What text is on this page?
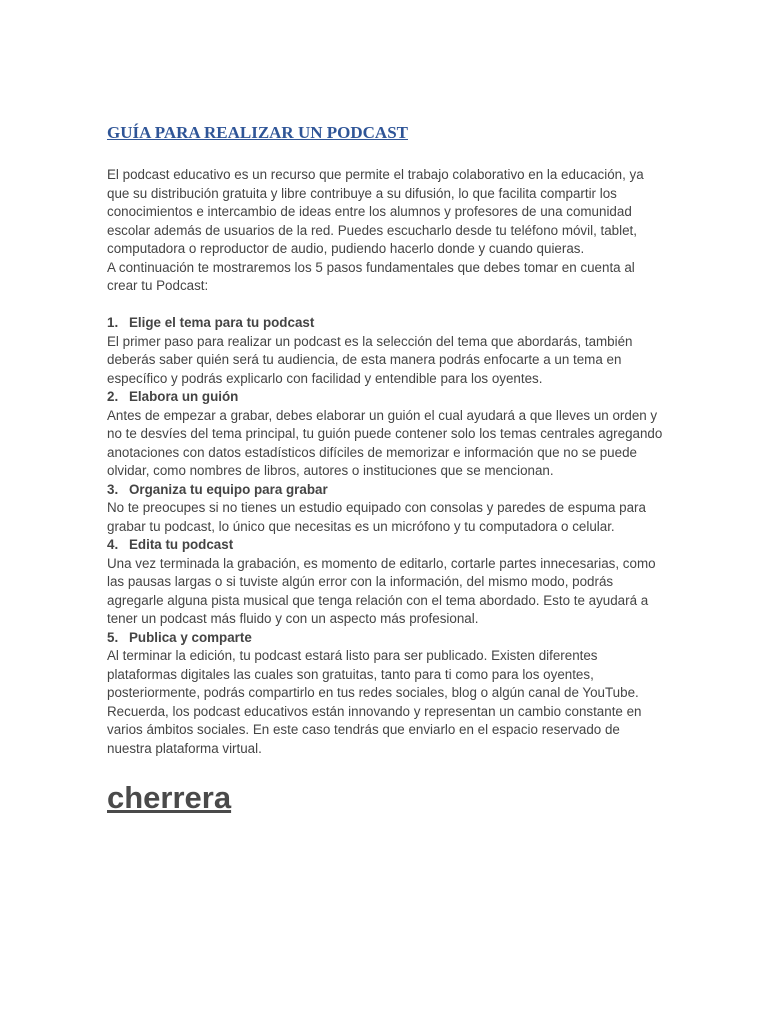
GUÍA PARA REALIZAR UN PODCAST

El podcast educativo es un recurso que permite el trabajo colaborativo en la educación, ya que su distribución gratuita y libre contribuye a su difusión, lo que facilita compartir los conocimientos e intercambio de ideas entre los alumnos y profesores de una comunidad escolar además de usuarios de la red. Puedes escucharlo desde tu teléfono móvil, tablet, computadora o reproductor de audio, pudiendo hacerlo donde y cuando quieras.

A continuación te mostraremos los 5 pasos fundamentales que debes tomar en cuenta al crear tu Podcast:

1. Elige el tema para tu podcast

El primer paso para realizar un podcast es la selección del tema que abordarás, también deberás saber quién será tu audiencia, de esta manera podrás enfocarte a un tema en específico y podrás explicarlo con facilidad y entendible para los oyentes.

2. Elabora un guión

Antes de empezar a grabar, debes elaborar un guión el cual ayudará a que lleves un orden y no te desvíes del tema principal, tu guión puede contener solo los temas centrales agregando anotaciones con datos estadísticos difíciles de memorizar e información que no se puede olvidar, como nombres de libros, autores o instituciones que se mencionan.

3. Organiza tu equipo para grabar

No te preocupes si no tienes un estudio equipado con consolas y paredes de espuma para grabar tu podcast, lo único que necesitas es un micrófono y tu computadora o celular.

4. Edita tu podcast

Una vez terminada la grabación, es momento de editarlo, cortarle partes innecesarias, como las pausas largas o si tuviste algún error con la información, del mismo modo, podrás agregarle alguna pista musical que tenga relación con el tema abordado. Esto te ayudará a tener un podcast más fluido y con un aspecto más profesional.

5. Publica y comparte

Al terminar la edición, tu podcast estará listo para ser publicado. Existen diferentes plataformas digitales las cuales son gratuitas, tanto para ti como para los oyentes, posteriormente, podrás compartirlo en tus redes sociales, blog o algún canal de YouTube. Recuerda, los podcast educativos están innovando y representan un cambio constante en varios ámbitos sociales. En este caso tendrás que enviarlo en el espacio reservado de nuestra plataforma virtual.

cherrera
